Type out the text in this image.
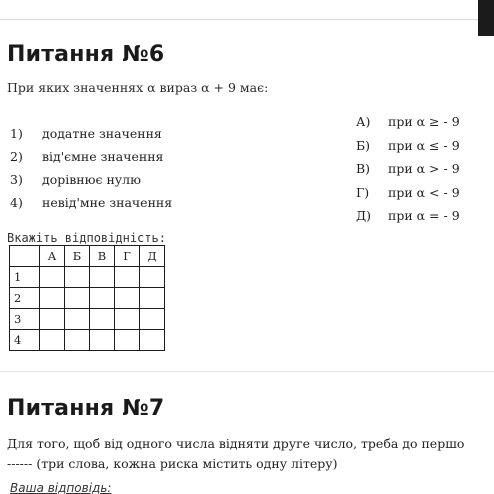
Питання №6
При яких значеннях α вираз α + 9 має:
1)	додатне значення
2)	від'ємне значення
3)	дорівнює нулю
4)	невід'мне значення
А)	при α ≥ - 9
Б)	при α ≤ - 9
В)	при α > - 9
Г)	при α < - 9
Д)	при α = - 9
Вкажіть відповідність:
	А	Б	В	Г	Д
1					
2					
3					
4					
Питання №7
Для того, щоб від одного числа відняти друге число, треба до першо
------ (три слова, кожна риска містить одну літеру)
Ваша відповідь:
